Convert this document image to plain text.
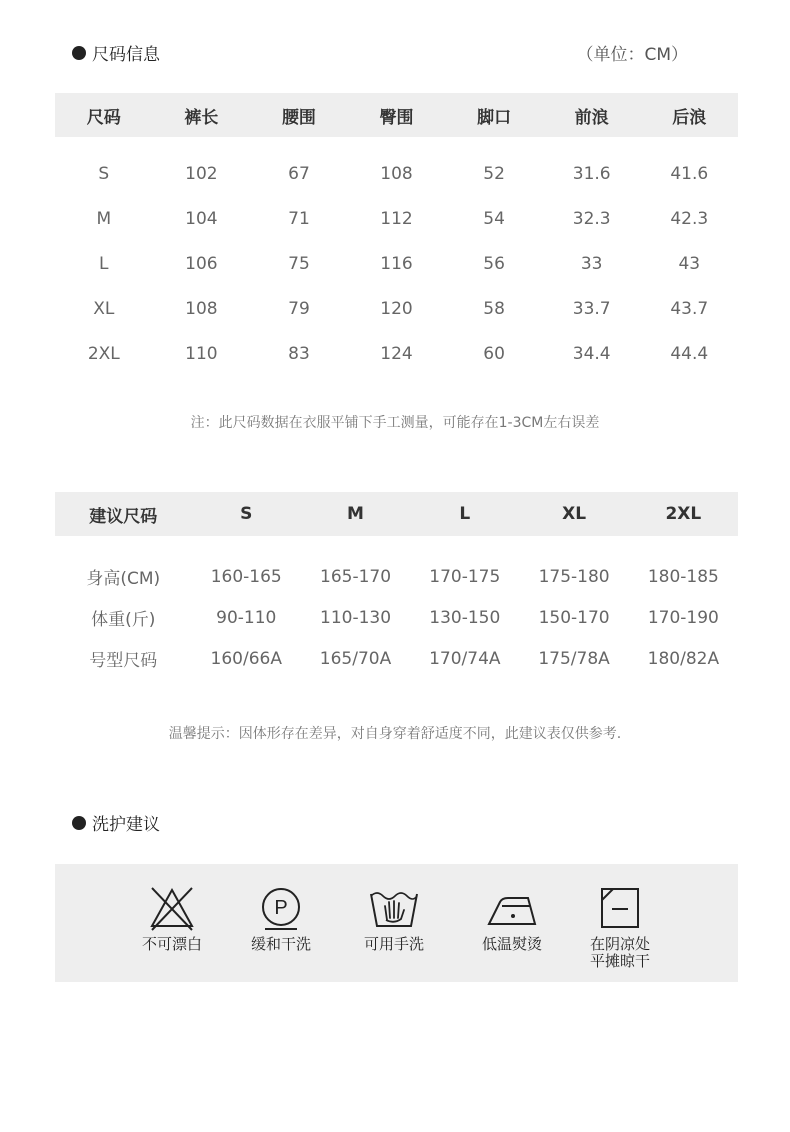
尺码信息	（单位：CM）
尺码	裤长	腰围	臀围	脚口	前浪	后浪
S	102	67	108	52	31.6	41.6
M	104	71	112	54	32.3	42.3
L	106	75	116	56	33	43
XL	108	79	120	58	33.7	43.7
2XL	110	83	124	60	34.4	44.4
注：此尺码数据在衣服平铺下手工测量，可能存在1-3CM左右误差
建议尺码	S	M	L	XL	2XL
身高(CM)	160-165	165-170	170-175	175-180	180-185
体重(斤)	90-110	110-130	130-150	150-170	170-190
号型尺码	160/66A	165/70A	170/74A	175/78A	180/82A
温馨提示：因体形存在差异，对自身穿着舒适度不同，此建议表仅供参考.
洗护建议
不可漂白
P
缓和干洗	可用手洗	低温熨烫	在阴凉处
平摊晾干
